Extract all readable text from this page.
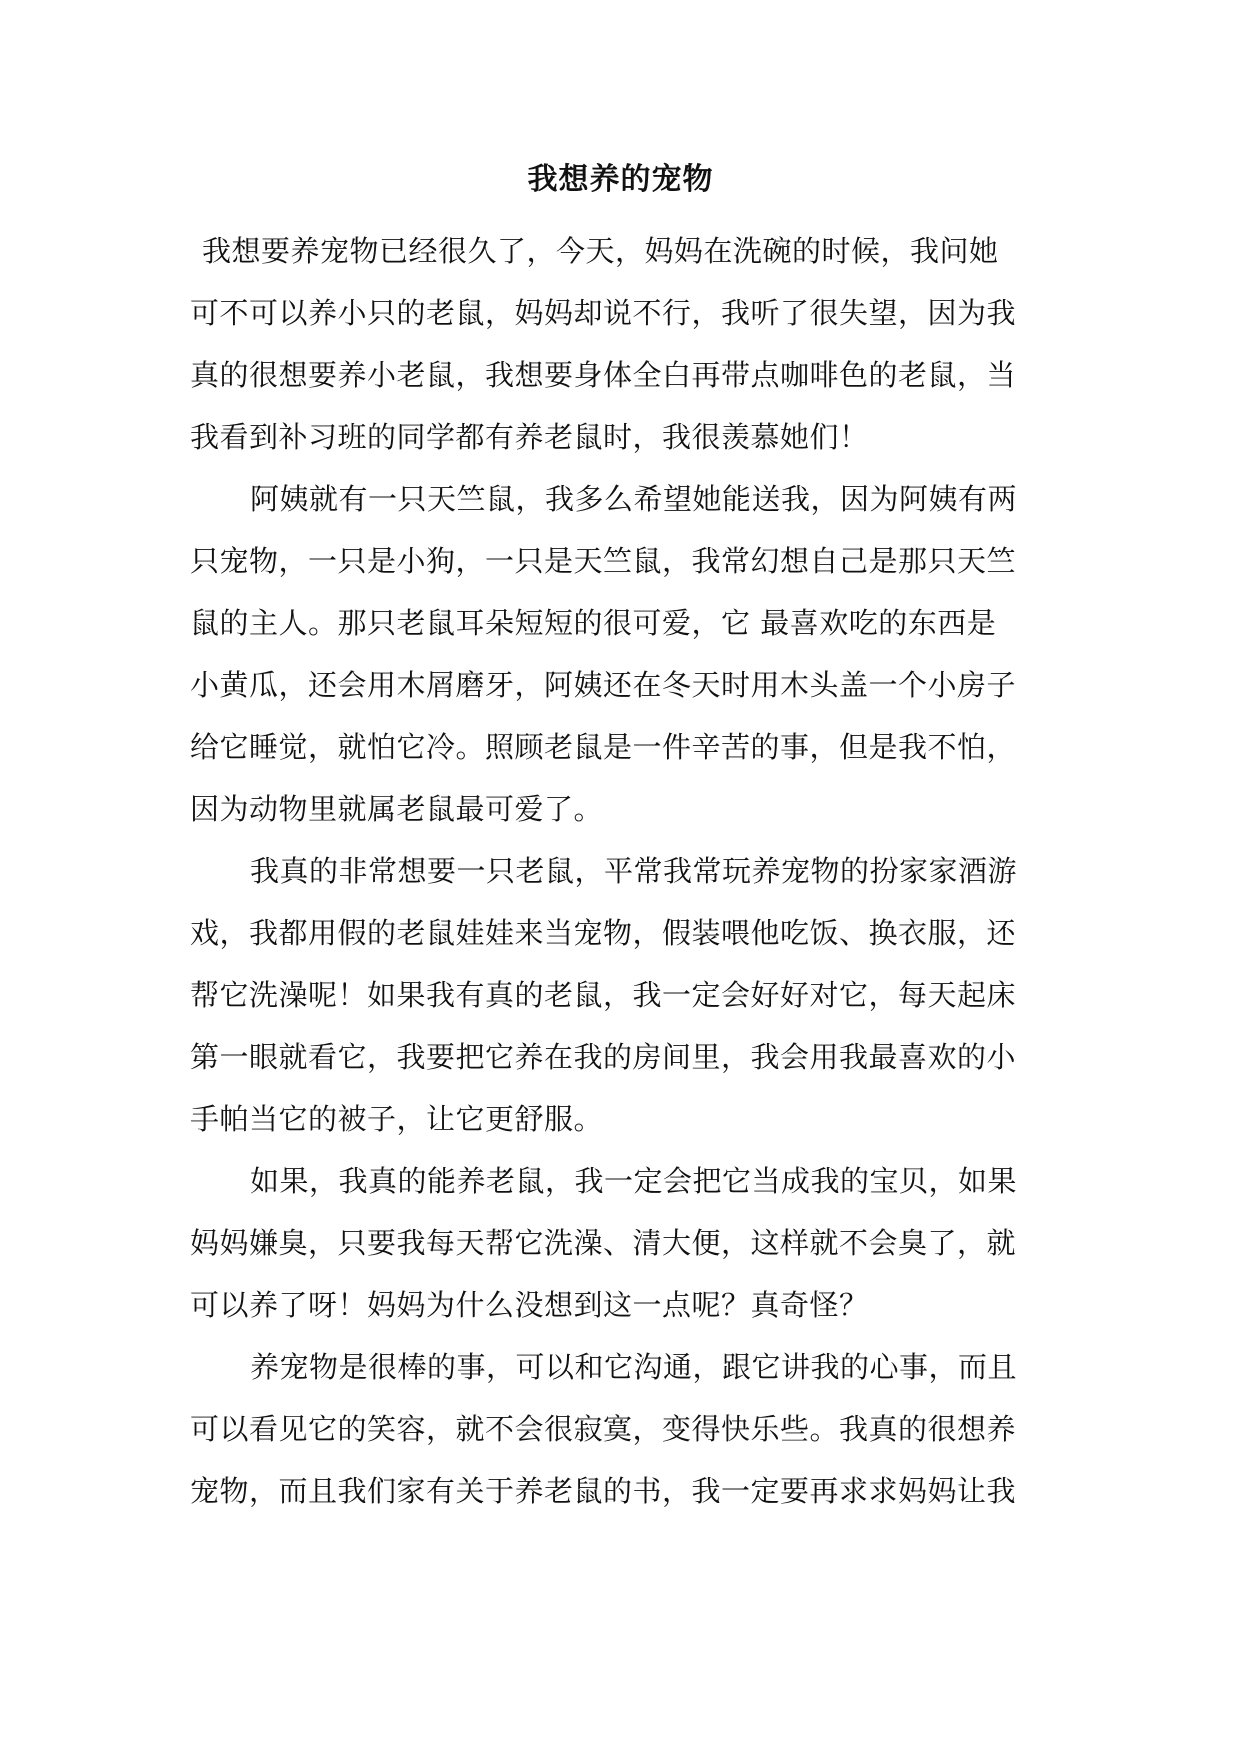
我想养的宠物
我想要养宠物已经很久了，今天，妈妈在洗碗的时候，我问她
可不可以养小只的老鼠，妈妈却说不行，我听了很失望，因为我
真的很想要养小老鼠，我想要身体全白再带点咖啡色的老鼠，当
我看到补习班的同学都有养老鼠时，我很羡慕她们！
阿姨就有一只天竺鼠，我多么希望她能送我，因为阿姨有两
只宠物，一只是小狗，一只是天竺鼠，我常幻想自己是那只天竺
鼠的主人。那只老鼠耳朵短短的很可爱，它 最喜欢吃的东西是
小黄瓜，还会用木屑磨牙，阿姨还在冬天时用木头盖一个小房子
给它睡觉，就怕它冷。照顾老鼠是一件辛苦的事，但是我不怕，
因为动物里就属老鼠最可爱了。
我真的非常想要一只老鼠，平常我常玩养宠物的扮家家酒游
戏，我都用假的老鼠娃娃来当宠物，假装喂他吃饭、换衣服，还
帮它洗澡呢！如果我有真的老鼠，我一定会好好对它，每天起床
第一眼就看它，我要把它养在我的房间里，我会用我最喜欢的小
手帕当它的被子，让它更舒服。
如果，我真的能养老鼠，我一定会把它当成我的宝贝，如果
妈妈嫌臭，只要我每天帮它洗澡、清大便，这样就不会臭了，就
可以养了呀！妈妈为什么没想到这一点呢？真奇怪？
养宠物是很棒的事，可以和它沟通，跟它讲我的心事，而且
可以看见它的笑容，就不会很寂寞，变得快乐些。我真的很想养
宠物，而且我们家有关于养老鼠的书，我一定要再求求妈妈让我
